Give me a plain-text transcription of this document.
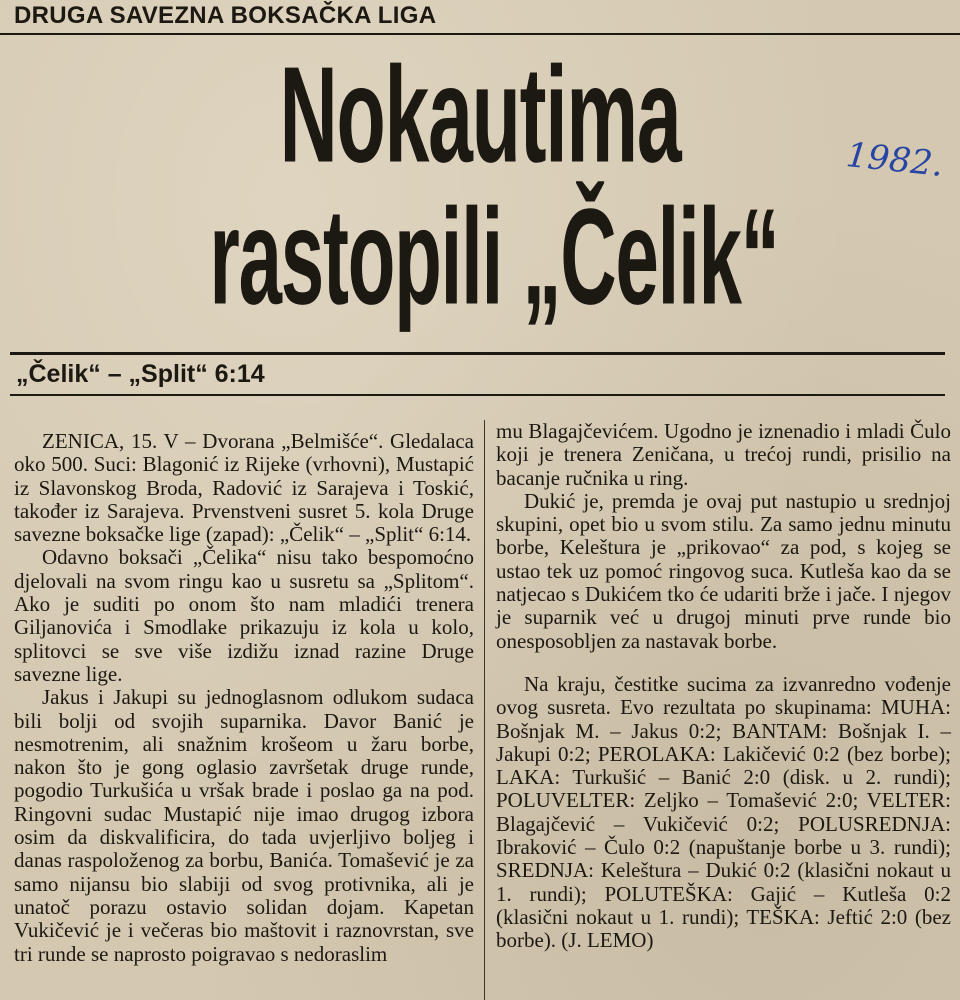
DRUGA SAVEZNA BOKSAČKA LIGA
Nokautima
rastopili „Čelik“
1982.
„Čelik“ – „Split“ 6:14

ZENICA, 15. V – Dvorana „Belmišće“. Gledalaca oko 500. Suci: Blagonić iz Rijeke (vrhovni), Mustapić iz Slavonskog Broda, Radović iz Sarajeva i Toskić, također iz Sarajeva. Prvenstveni susret 5. kola Druge savezne boksačke lige (zapad): „Čelik“ – „Split“ 6:14.

Odavno boksači „Čelika“ nisu tako bespomoćno djelovali na svom ringu kao u susretu sa „Splitom“. Ako je suditi po onom što nam mladići trenera Giljanovića i Smodlake prikazuju iz kola u kolo, splitovci se sve više izdižu iznad razine Druge savezne lige.

Jakus i Jakupi su jednoglasnom odlukom sudaca bili bolji od svojih suparnika. Davor Banić je nesmotrenim, ali snažnim krošeom u žaru borbe, nakon što je gong oglasio završetak druge runde, pogodio Turkušića u vršak brade i poslao ga na pod. Ringovni sudac Mustapić nije imao drugog izbora osim da diskvalificira, do tada uvjerljivo boljeg i danas raspoloženog za borbu, Banića. Tomašević je za samo nijansu bio slabiji od svog protivnika, ali je unatoč porazu ostavio solidan dojam. Kapetan Vukičević je i večeras bio maštovit i raznovrstan, sve tri runde se naprosto poigravao s nedoraslim

mu Blagajčevićem. Ugodno je iznenadio i mladi Čulo koji je trenera Zeničana, u trećoj rundi, prisilio na bacanje ručnika u ring.

Dukić je, premda je ovaj put nastupio u srednjoj skupini, opet bio u svom stilu. Za samo jednu minutu borbe, Keleštura je „prikovao“ za pod, s kojeg se ustao tek uz pomoć ringovog suca. Kutleša kao da se natjecao s Dukićem tko će udariti brže i jače. I njegov je suparnik već u drugoj minuti prve runde bio onesposobljen za nastavak borbe.

Na kraju, čestitke sucima za izvanredno vođenje ovog susreta. Evo rezultata po skupinama: MUHA: Bošnjak M. – Jakus 0:2; BANTAM: Bošnjak I. – Jakupi 0:2; PEROLAKA: Lakičević 0:2 (bez borbe); LAKA: Turkušić – Banić 2:0 (disk. u 2. rundi); POLUVELTER: Zeljko – Tomašević 2:0; VELTER: Blagajčević – Vukičević 0:2; POLUSREDNJA: Ibraković – Čulo 0:2 (napuštanje borbe u 3. rundi); SREDNJA: Keleštura – Dukić 0:2 (klasični nokaut u 1. rundi); POLUTEŠKA: Gajić – Kutleša 0:2 (klasični nokaut u 1. rundi); TEŠKA: Jeftić 2:0 (bez borbe). (J. LEMO)
